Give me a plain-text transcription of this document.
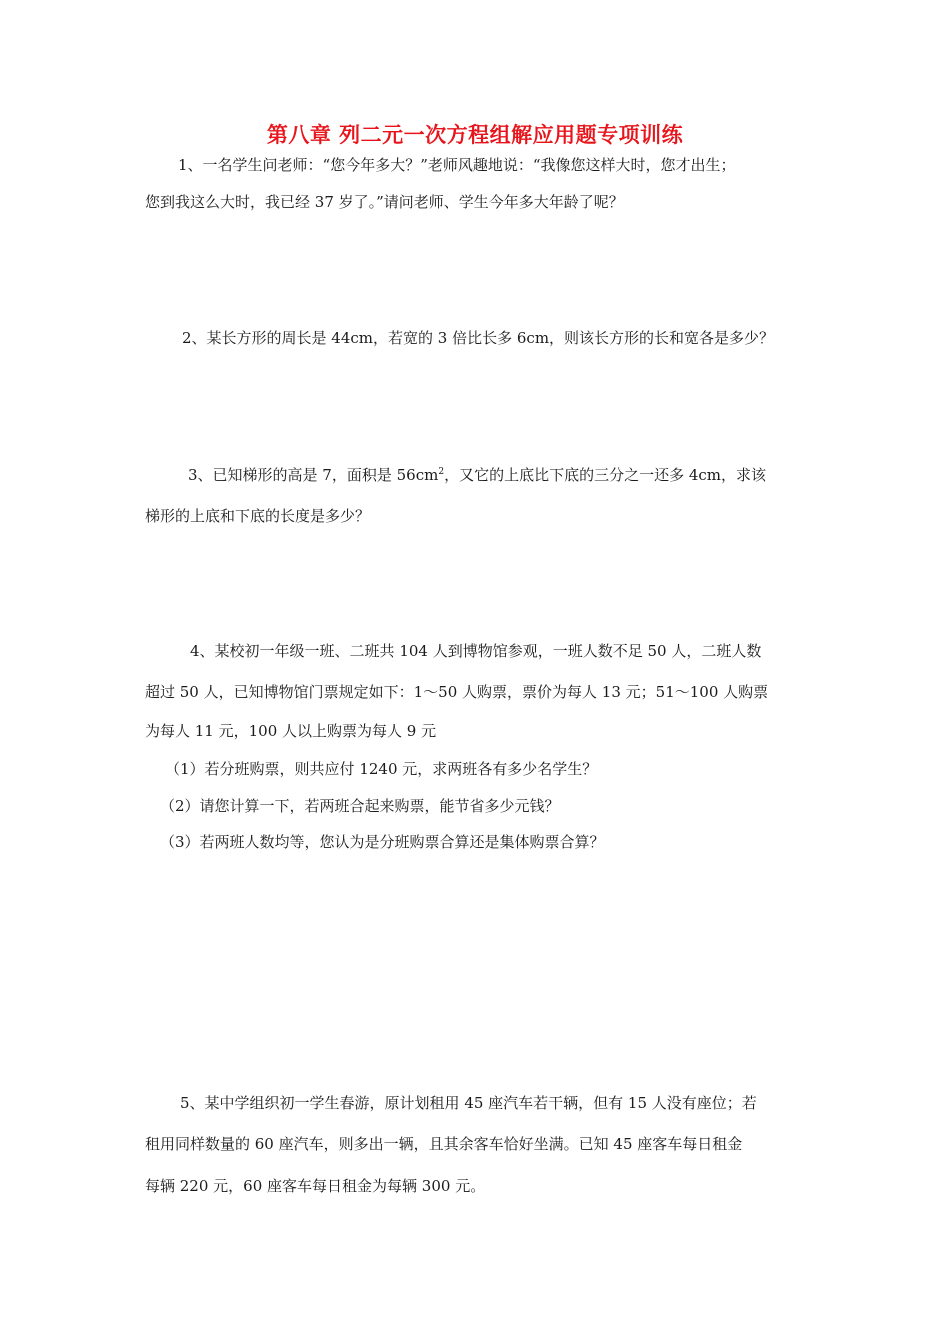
第八章 列二元一次方程组解应用题专项训练
1、一名学生问老师：“您今年多大？”老师风趣地说：“我像您这样大时，您才出生；
您到我这么大时，我已经 37 岁了。”请问老师、学生今年多大年龄了呢？
2、某长方形的周长是 44cm，若宽的 3 倍比长多 6cm，则该长方形的长和宽各是多少？
3、已知梯形的高是 7，面积是 $56cm^2$，又它的上底比下底的三分之一还多 4cm，求该
梯形的上底和下底的长度是多少？
4、某校初一年级一班、二班共 104 人到博物馆参观，一班人数不足 50 人，二班人数
超过 50 人，已知博物馆门票规定如下：1～50 人购票，票价为每人 13 元；51～100 人购票
为每人 11 元，100 人以上购票为每人 9 元
（1）若分班购票，则共应付 1240 元，求两班各有多少名学生？
（2）请您计算一下，若两班合起来购票，能节省多少元钱？
（3）若两班人数均等，您认为是分班购票合算还是集体购票合算？
5、某中学组织初一学生春游，原计划租用 45 座汽车若干辆，但有 15 人没有座位；若
租用同样数量的 60 座汽车，则多出一辆，且其余客车恰好坐满。已知 45 座客车每日租金
每辆 220 元，60 座客车每日租金为每辆 300 元。
